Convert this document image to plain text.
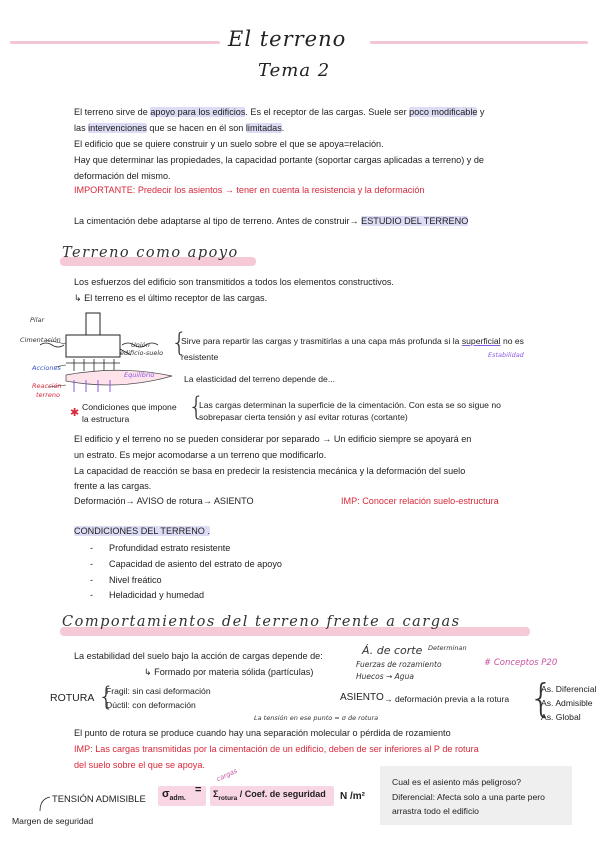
El terreno
Tema 2
El terreno sirve de apoyo para los edificios. Es el receptor de las cargas. Suele ser poco modificable y
las intervenciones que se hacen en él son limitadas.
El edificio que se quiere construir y un suelo sobre el que se apoya=relación.
Hay que determinar las propiedades, la capacidad portante (soportar cargas aplicadas a terreno) y de
deformación del mismo.
IMPORTANTE: Predecir los asientos → tener en cuenta la resistencia y la deformación
La cimentación debe adaptarse al tipo de terreno. Antes de construir→ ESTUDIO DEL TERRENO
Terreno como apoyo
Los esfuerzos del edificio son transmitidos a todos los elementos constructivos.
↳ El terreno es el último receptor de las cargas.
Pilar
Cimentación
Unión
edificio-suelo
Acciones
Equilibrio
Reacción
terreno
{
Sirve para repartir las cargas y trasmitirlas a una capa más profunda si la superficial no es
resistente	Estabilidad
La elasticidad del terreno depende de...
✱ Condiciones que impone
la estructura {
Las cargas determinan la superficie de la cimentación. Con esta se so sigue no
sobrepasar cierta tensión y así evitar roturas (cortante)
El edificio y el terreno no se pueden considerar por separado → Un edificio siempre se apoyará en
un estrato. Es mejor acomodarse a un terreno que modificarlo.
La capacidad de reacción se basa en predecir la resistencia mecánica y la deformación del suelo
frente a las cargas.
Deformación→ AVISO de rotura→ ASIENTO	IMP: Conocer relación suelo-estructura
CONDICIONES DEL TERRENO .
- Profundidad estrato resistente
- Capacidad de asiento del estrato de apoyo
- Nivel freático
- Heladicidad y humedad
Comportamientos del terreno frente a cargas
La estabilidad del suelo bajo la acción de cargas depende de:
↳ Formado por materia sólida (partículas)
Á. de corte Determinan
Fuerzas de rozamiento
Huecos → Agua
# Conceptos P20
ROTURA {
Fragil: sin casi deformación
Dúctil: con deformación
ASIENTO → deformación previa a la rotura {
As. Diferencial
As. Admisible
As. Global
La tensión en ese punto = σ de rotura
El punto de rotura se produce cuando hay una separación molecular o pérdida de rozamiento
IMP: Las cargas transmitidas por la cimentación de un edificio, deben de ser inferiores al P de rotura
del suelo sobre el que se apoya.
TENSIÓN ADMISIBLE
Margen de seguridad
$\sigma_{adm.}$
= $\Sigma_{rotura}$ / Coef. de seguridad N /m²
cargas	Cual es el asiento más peligroso?
Diferencial: Afecta solo a una parte pero
arrastra todo el edificio
